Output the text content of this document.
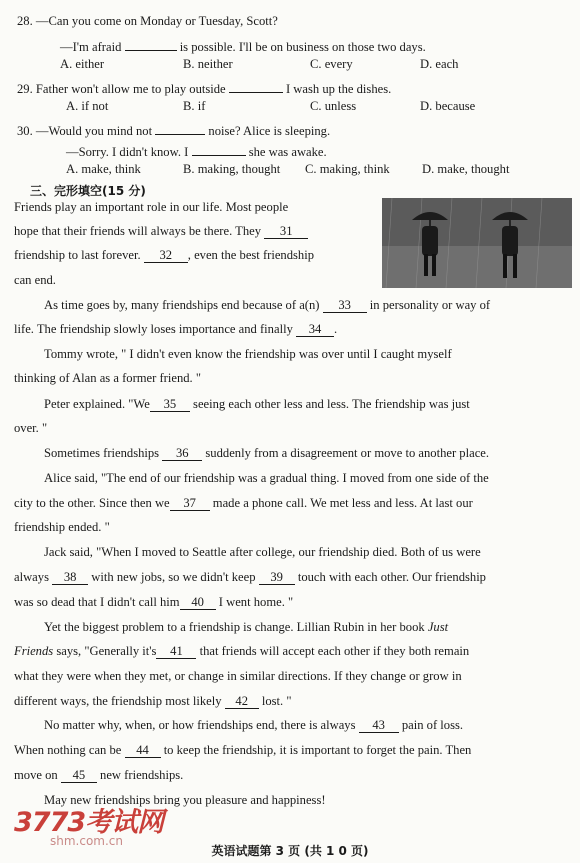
28. —Can you come on Monday or Tuesday, Scott?
—I'm afraid	is possible. I'll be on business on those two days.
A. either	B. neither	C. every	D. each
29. Father won't allow me to play outside	I wash up the dishes.
A. if not	B. if	C. unless	D. because
30. —Would you mind not	noise? Alice is sleeping.
—Sorry. I didn't know. I	she was awake.
A. make, think	B. making, thought C. making, think	D. make, thought
三、完形填空(15 分)
Friends play an important role in our life. Most people
hope that their friends will always be there. They 31
friendship to last forever. 32 , even the best friendship
can end.
As time goes by, many friendships end because of a(n) 33 in personality or way of
life. The friendship slowly loses importance and finally 34 .
Tommy wrote, " I didn't even know the friendship was over until I caught myself
thinking of Alan as a former friend. "
Peter explained. "We 35 seeing each other less and less. The friendship was just
over. "
Sometimes friendships 36 suddenly from a disagreement or move to another place.
Alice said, "The end of our friendship was a gradual thing. I moved from one side of the
city to the other. Since then we 37 made a phone call. We met less and less. At last our
friendship ended. "
Jack said, "When I moved to Seattle after college, our friendship died. Both of us were
always 38 with new jobs, so we didn't keep 39 touch with each other. Our friendship
was so dead that I didn't call him 40 I went home. "
Yet the biggest problem to a friendship is change. Lillian Rubin in her book Just
Friends says, "Generally it's 41 that friends will accept each other if they both remain
what they were when they met, or change in similar directions. If they change or grow in
different ways, the friendship most likely 42 lost. "
No matter why, when, or how friendships end, there is always 43 pain of loss.
When nothing can be 44 to keep the friendship, it is important to forget the pain. Then
move on 45 new friendships.
May new friendships bring you pleasure and happiness!
3773考试网
shm.com.cn
英语试题第 3 页 (共 1 0 页)
